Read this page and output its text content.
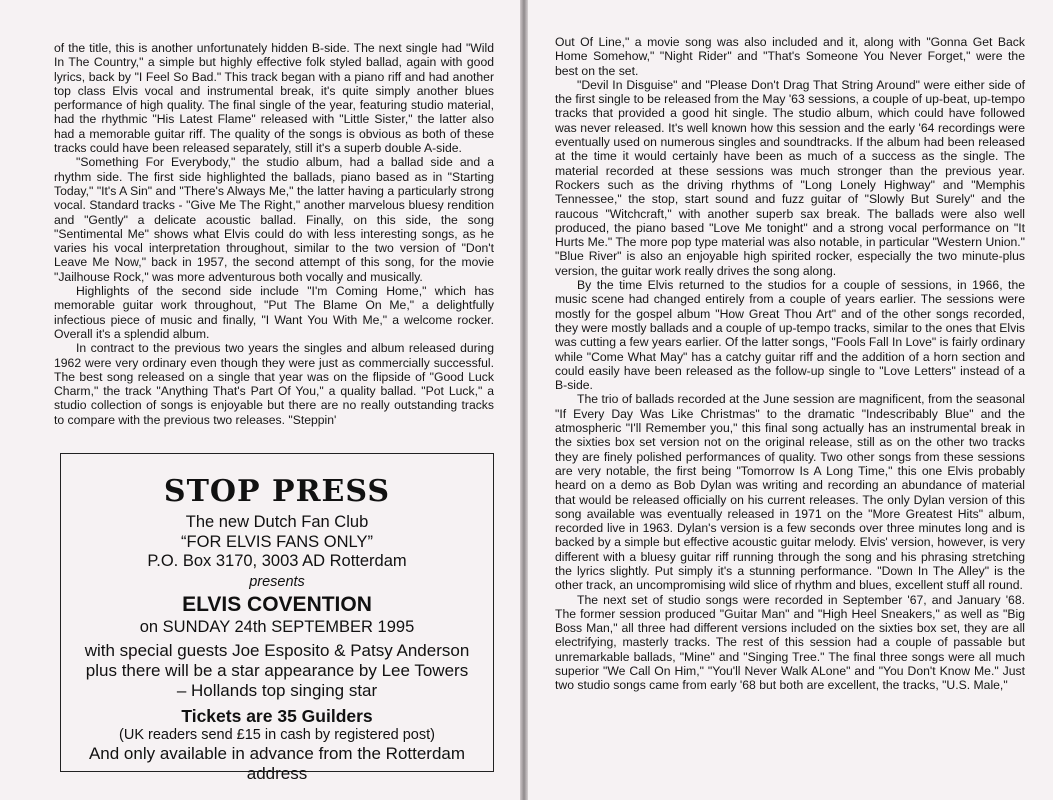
of the title, this is another unfortunately hidden B-side. The next single had "Wild In The Country," a simple but highly effective folk styled ballad, again with good lyrics, back by "I Feel So Bad." This track began with a piano riff and had another top class Elvis vocal and instrumental break, it's quite simply another blues performance of high quality. The final single of the year, featuring studio material, had the rhythmic "His Latest Flame" released with "Little Sister," the latter also had a memorable guitar riff. The quality of the songs is obvious as both of these tracks could have been released separately, still it's a superb double A-side.

"Something For Everybody," the studio album, had a ballad side and a rhythm side. The first side highlighted the ballads, piano based as in "Starting Today," "It's A Sin" and "There's Always Me," the latter having a particularly strong vocal. Standard tracks - "Give Me The Right," another marvelous bluesy rendition and "Gently" a delicate acoustic ballad. Finally, on this side, the song "Sentimental Me" shows what Elvis could do with less interesting songs, as he varies his vocal interpretation throughout, similar to the two version of "Don't Leave Me Now," back in 1957, the second attempt of this song, for the movie "Jailhouse Rock," was more adventurous both vocally and musically.

Highlights of the second side include "I'm Coming Home," which has memorable guitar work throughout, "Put The Blame On Me," a delightfully infectious piece of music and finally, "I Want You With Me," a welcome rocker. Overall it's a splendid album.

In contract to the previous two years the singles and album released during 1962 were very ordinary even though they were just as commercially successful. The best song released on a single that year was on the flipside of "Good Luck Charm," the track "Anything That's Part Of You," a quality ballad. "Pot Luck," a studio collection of songs is enjoyable but there are no really outstanding tracks to compare with the previous two releases. "Steppin'

STOP PRESS
The new Dutch Fan Club
“FOR ELVIS FANS ONLY”
P.O. Box 3170, 3003 AD Rotterdam
presents
ELVIS COVENTION
on SUNDAY 24th SEPTEMBER 1995
with special guests Joe Esposito & Patsy Anderson
plus there will be a star appearance by Lee Towers
– Hollands top singing star
Tickets are 35 Guilders
(UK readers send £15 in cash by registered post)
And only available in advance from the Rotterdam address

Out Of Line," a movie song was also included and it, along with "Gonna Get Back Home Somehow," "Night Rider" and "That's Someone You Never Forget," were the best on the set.

"Devil In Disguise" and "Please Don't Drag That String Around" were either side of the first single to be released from the May '63 sessions, a couple of up-beat, up-tempo tracks that provided a good hit single. The studio album, which could have followed was never released. It's well known how this session and the early '64 recordings were eventually used on numerous singles and soundtracks. If the album had been released at the time it would certainly have been as much of a success as the single. The material recorded at these sessions was much stronger than the previous year. Rockers such as the driving rhythms of "Long Lonely Highway" and "Memphis Tennessee," the stop, start sound and fuzz guitar of "Slowly But Surely" and the raucous "Witchcraft," with another superb sax break. The ballads were also well produced, the piano based "Love Me tonight" and a strong vocal performance on "It Hurts Me." The more pop type material was also notable, in particular "Western Union." "Blue River" is also an enjoyable high spirited rocker, especially the two minute-plus version, the guitar work really drives the song along.

By the time Elvis returned to the studios for a couple of sessions, in 1966, the music scene had changed entirely from a couple of years earlier. The sessions were mostly for the gospel album "How Great Thou Art" and of the other songs recorded, they were mostly ballads and a couple of up-tempo tracks, similar to the ones that Elvis was cutting a few years earlier. Of the latter songs, "Fools Fall In Love" is fairly ordinary while "Come What May" has a catchy guitar riff and the addition of a horn section and could easily have been released as the follow-up single to "Love Letters" instead of a B-side.

The trio of ballads recorded at the June session are magnificent, from the seasonal "If Every Day Was Like Christmas" to the dramatic "Indescribably Blue" and the atmospheric "I'll Remember you," this final song actually has an instrumental break in the sixties box set version not on the original release, still as on the other two tracks they are finely polished performances of quality. Two other songs from these sessions are very notable, the first being "Tomorrow Is A Long Time," this one Elvis probably heard on a demo as Bob Dylan was writing and recording an abundance of material that would be released officially on his current releases. The only Dylan version of this song available was eventually released in 1971 on the "More Greatest Hits" album, recorded live in 1963. Dylan's version is a few seconds over three minutes long and is backed by a simple but effective acoustic guitar melody. Elvis' version, however, is very different with a bluesy guitar riff running through the song and his phrasing stretching the lyrics slightly. Put simply it's a stunning performance. "Down In The Alley" is the other track, an uncompromising wild slice of rhythm and blues, excellent stuff all round.

The next set of studio songs were recorded in September '67, and January '68. The former session produced "Guitar Man" and "High Heel Sneakers," as well as "Big Boss Man," all three had different versions included on the sixties box set, they are all electrifying, masterly tracks. The rest of this session had a couple of passable but unremarkable ballads, "Mine" and "Singing Tree." The final three songs were all much superior "We Call On Him," "You'll Never Walk ALone" and "You Don't Know Me." Just two studio songs came from early '68 but both are excellent, the tracks, "U.S. Male,"
